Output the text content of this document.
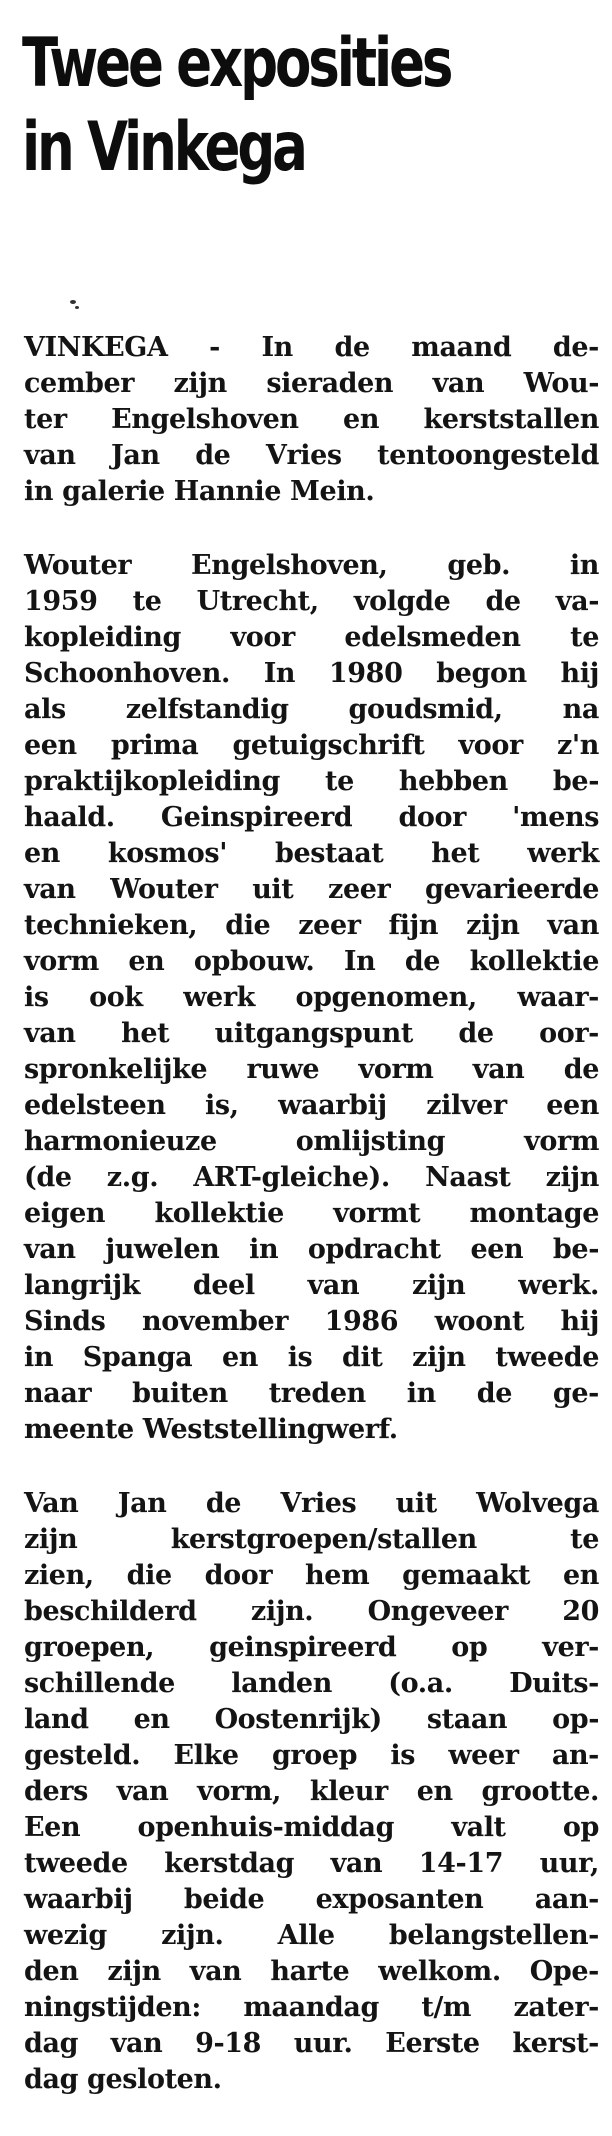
Twee exposities
in Vinkega

VINKEGA - In de maand de-
cember zijn sieraden van Wou-
ter Engelshoven en kerststallen
van Jan de Vries tentoongesteld
in galerie Hannie Mein.

Wouter Engelshoven, geb. in
1959 te Utrecht, volgde de va-
kopleiding voor edelsmeden te
Schoonhoven. In 1980 begon hij
als zelfstandig goudsmid, na
een prima getuigschrift voor z'n
praktijkopleiding te hebben be-
haald. Geinspireerd door 'mens
en kosmos' bestaat het werk
van Wouter uit zeer gevarieerde
technieken, die zeer fijn zijn van
vorm en opbouw. In de kollektie
is ook werk opgenomen, waar-
van het uitgangspunt de oor-
spronkelijke ruwe vorm van de
edelsteen is, waarbij zilver een
harmonieuze omlijsting vorm
(de z.g. ART-gleiche). Naast zijn
eigen kollektie vormt montage
van juwelen in opdracht een be-
langrijk deel van zijn werk.
Sinds november 1986 woont hij
in Spanga en is dit zijn tweede
naar buiten treden in de ge-
meente Weststellingwerf.

Van Jan de Vries uit Wolvega
zijn kerstgroepen/stallen te
zien, die door hem gemaakt en
beschilderd zijn. Ongeveer 20
groepen, geinspireerd op ver-
schillende landen (o.a. Duits-
land en Oostenrijk) staan op-
gesteld. Elke groep is weer an-
ders van vorm, kleur en grootte.
Een openhuis-middag valt op
tweede kerstdag van 14-17 uur,
waarbij beide exposanten aan-
wezig zijn. Alle belangstellen-
den zijn van harte welkom. Ope-
ningstijden: maandag t/m zater-
dag van 9-18 uur. Eerste kerst-
dag gesloten.
